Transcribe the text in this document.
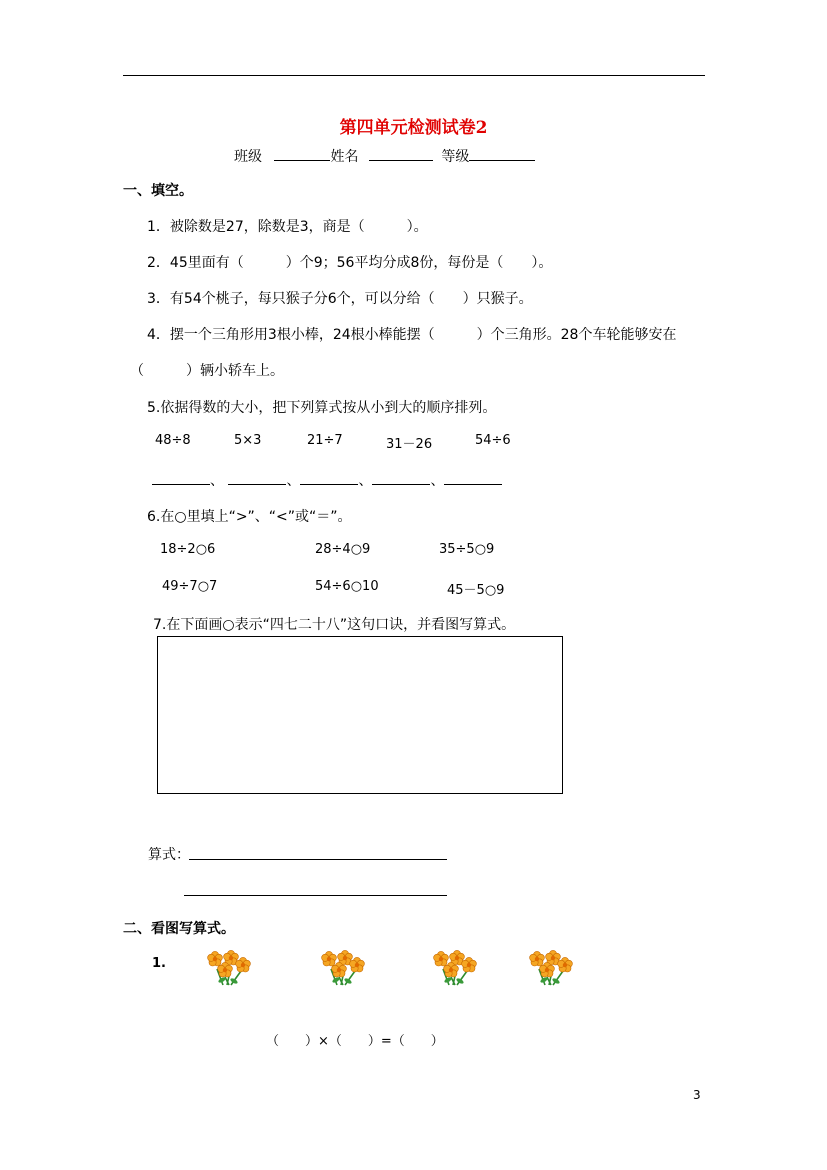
第四单元检测试卷2
班级	姓名	等级
一、填空。
1．被除数是27，除数是3，商是（　　　）。
2．45里面有（　　　）个9；56平均分成8份，每份是（　　）。
3．有54个桃子，每只猴子分6个，可以分给（　　）只猴子。
4．摆一个三角形用3根小棒，24根小棒能摆（　　　）个三角形。28个车轮能够安在
（　　　）辆小轿车上。
5.依据得数的大小，把下列算式按从小到大的顺序排列。
48÷8	5×3	21÷7	31－26	54÷6
、	、	、	、
6.在○里填上“>”、“<”或“＝”。
18÷2○6	28÷4○9	35÷5○9
49÷7○7	54÷6○10	45－5○9
7.在下面画○表示“四七二十八”这句口诀，并看图写算式。
算式：
二、看图写算式。
1.
（　　）×（　　）=（　　）
3
